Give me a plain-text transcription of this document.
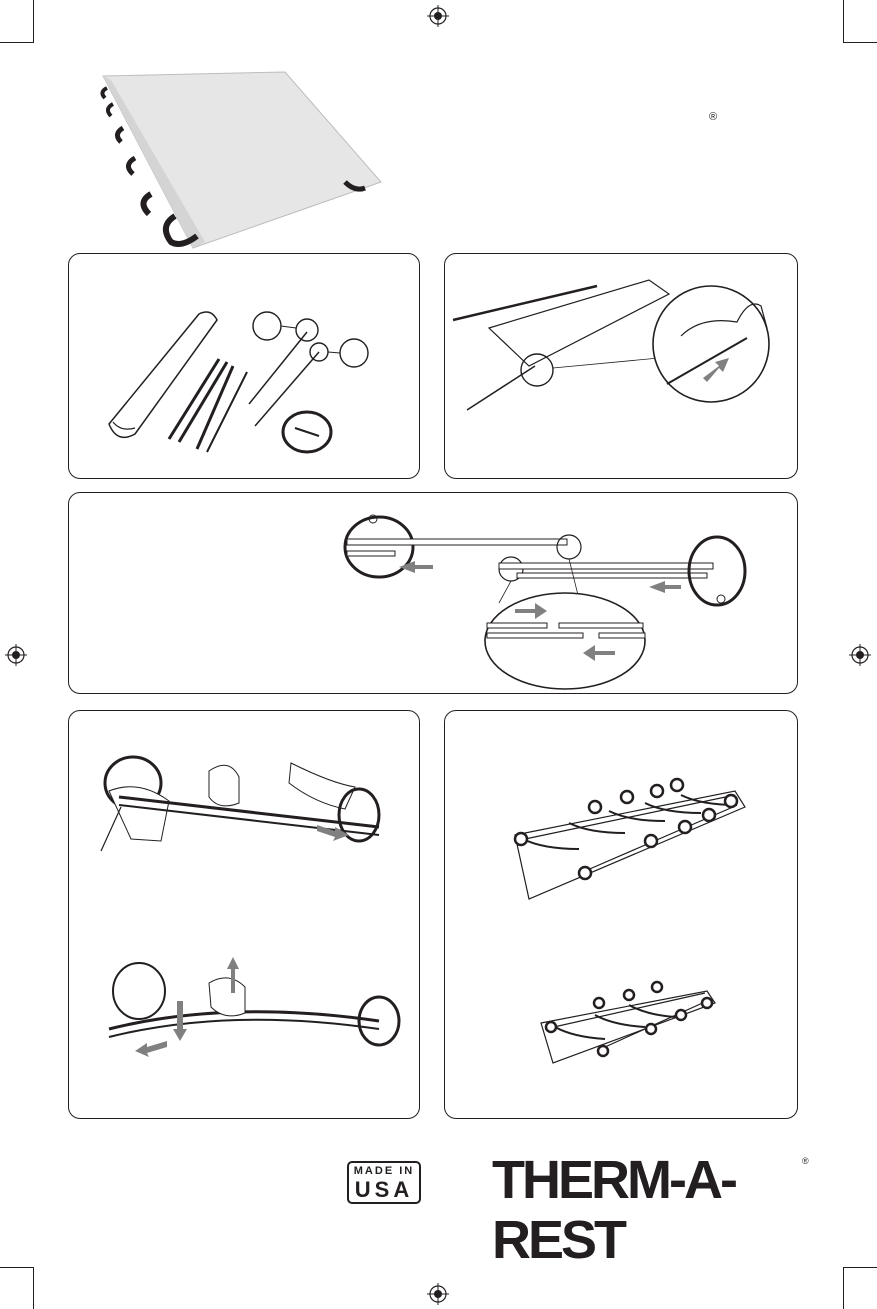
®
MADE IN
USA THERM-A-REST
®
